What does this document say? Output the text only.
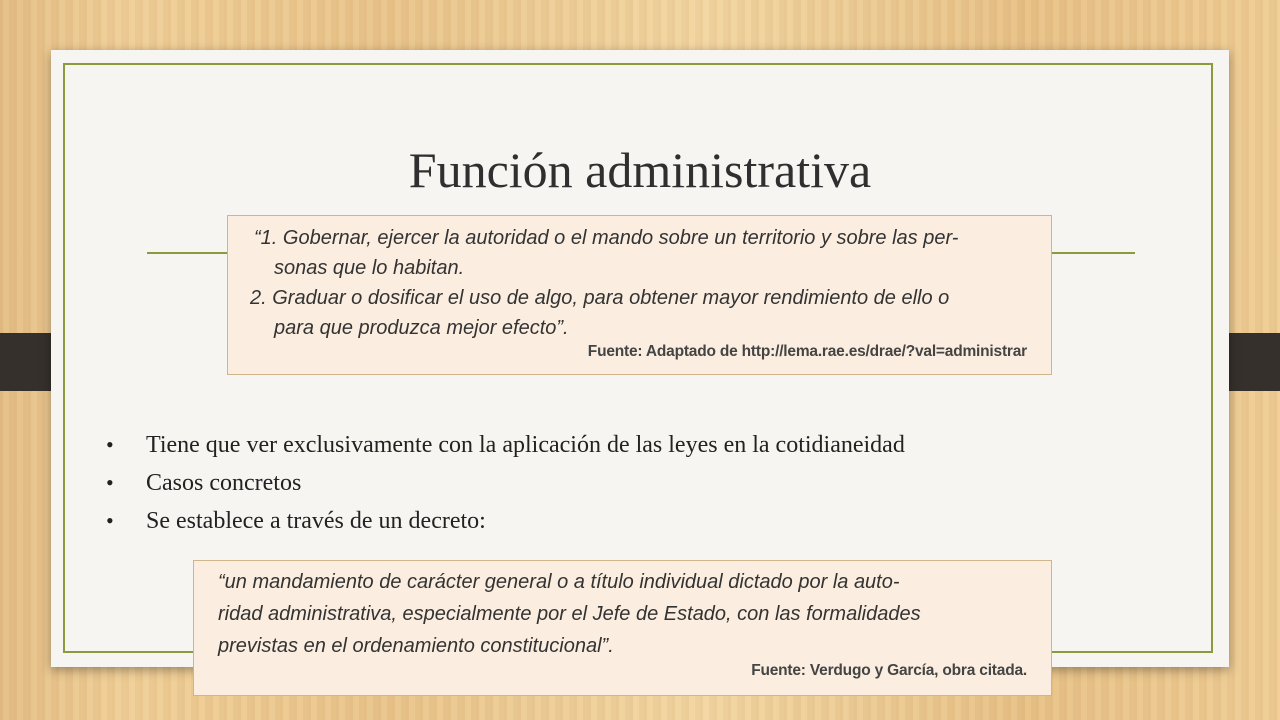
Función administrativa
“1. Gobernar, ejercer la autoridad o el mando sobre un territorio y sobre las per-
sonas que lo habitan.
2. Graduar o dosificar el uso de algo, para obtener mayor rendimiento de ello o
para que produzca mejor efecto”.
Fuente: Adaptado de http://lema.rae.es/drae/?val=administrar
• Tiene que ver exclusivamente con la aplicación de las leyes en la cotidianeidad
• Casos concretos
• Se establece a través de un decreto:
“un mandamiento de carácter general o a título individual dictado por la auto-
ridad administrativa, especialmente por el Jefe de Estado, con las formalidades
previstas en el ordenamiento constitucional”.
Fuente: Verdugo y García, obra citada.
